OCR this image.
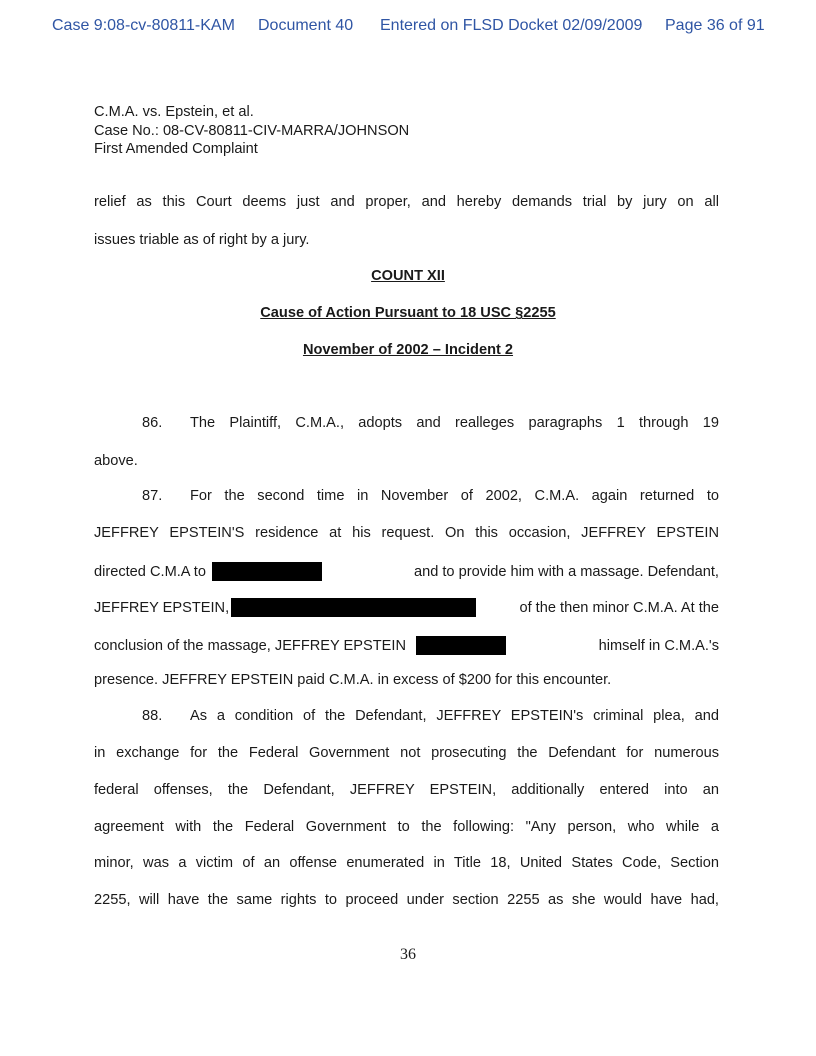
Case 9:08-cv-80811-KAM Document 40 Entered on FLSD Docket 02/09/2009 Page 36 of 91
C.M.A. vs. Epstein, et al.
Case No.: 08-CV-80811-CIV-MARRA/JOHNSON
First Amended Complaint
relief as this Court deems just and proper, and hereby demands trial by jury on all
issues triable as of right by a jury.
COUNT XII
Cause of Action Pursuant to 18 USC §2255
November of 2002 – Incident 2
86.	The Plaintiff, C.M.A., adopts and realleges paragraphs 1 through 19
above.
87.	For the second time in November of 2002, C.M.A. again returned to
JEFFREY EPSTEIN'S residence at his request. On this occasion, JEFFREY EPSTEIN
directed C.M.A to	and to provide him with a massage. Defendant,
JEFFREY EPSTEIN,	of the then minor C.M.A. At the
conclusion of the massage, JEFFREY EPSTEIN	himself in C.M.A.'s
presence. JEFFREY EPSTEIN paid C.M.A. in excess of $200 for this encounter.
88.	As a condition of the Defendant, JEFFREY EPSTEIN's criminal plea, and
in exchange for the Federal Government not prosecuting the Defendant for numerous
federal offenses, the Defendant, JEFFREY EPSTEIN, additionally entered into an
agreement with the Federal Government to the following: "Any person, who while a
minor, was a victim of an offense enumerated in Title 18, United States Code, Section
2255, will have the same rights to proceed under section 2255 as she would have had,
36
